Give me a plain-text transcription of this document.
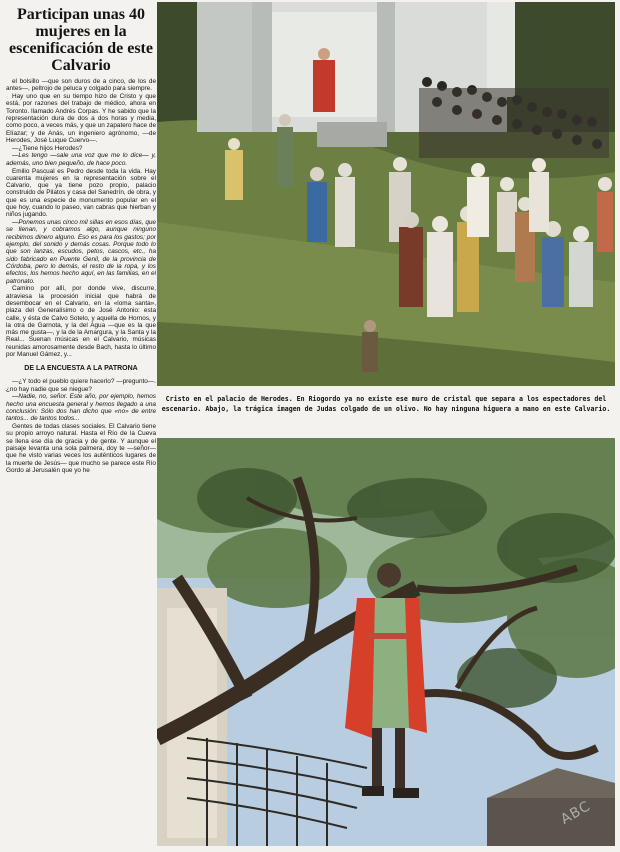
Participan unas 40 mujeres en la escenificación de este Calvario

el bolsillo —que son duros de a cinco, de los de antes—, peltrojo de peluca y colgado para siempre.

Hay uno que en su tiempo hizo de Cristo y que está, por razones del trabajo de médico, ahora en Toronto. llamado Andrés Corpas. Y he sabido que la representación dura de dos a dos horas y media, como poco, a veces más, y que un zapatero hace de Elíazar; y de Anás, un ingeniero agrónomo, —de Herodes, José Luque Cuervo—.

—¿Tiene hijos Herodes?

—Les tengo —sale una voz que me lo dice— y, además, uno bien pequeño, de hace poco.

Emilio Pascual es Pedro desde toda la vida. Hay cuarenta mujeres en la representación sobre el Calvario, que ya tiene pozo propio, palacio construido de Pilatos y casa del Sanedrín, de obra, y que es una especie de monumento popular en el que hoy, cuando lo paseo, van cabras que hierban y niños jugando.

—Ponemos unas cinco mil sillas en esos días, que se llenan, y cobramos algo, aunque ninguno recibimos dinero alguno. Eso es para los gastos; por ejemplo, del sonido y demás cosas. Porque todo lo que son lanzas, escudos, petos, cascos, etc., ha sido fabricado en Puente Genil, de la provincia de Córdoba, pero lo demás, el resto de la ropa, y los efectos, los hemos hecho aquí, en las familias, en el patronato.

Camino por allí, por donde vive, discurre, atraviesa la procesión inicial que habrá de desembocar en el Calvario, en la «loma santa», plaza del Generalísimo o de José Antonio: esta calle, y ésta de Calvo Sotelo, y aquella de Hornos, y la otra de Garnota, y la del Agua —que es la que más me gusta—, y la de la Amargura, y la Santa y la Real... Suenan músicas en el Calvario, músicas reunidas amorosamente desde Bach, hasta lo último por Manuel Gámez, y...

DE LA ENCUESTA A LA PATRONA

—¿Y todo el pueblo quiere hacerlo? —pregunto—. ¿no hay nadie que se niegue?

—Nadie, no, señor. Este año, por ejemplo, hemos hecho una encuesta general y hemos llegado a una conclusión: Sólo dos han dicho que «no» de entre tantos... de tantos todos...

Gentes de todas clases sociales. El Calvario tiene su propio arroyo natural. Hasta el Río de la Cueva se llena ese día de gracia y de gente. Y aunque el paisaje levanta una sola palmera, doy te —señor— que he visto varias veces los auténticos lugares de la muerte de Jesús— que mucho se parece este Río Gordo al Jerusalén que yo he

Cristo en el palacio de Herodes. En Riogordo ya no existe ese muro de cristal que separa a los espectadores del escenario. Abajo, la trágica imagen de Judas colgado de un olivo. No hay ninguna higuera a mano en este Calvario.
ABC
